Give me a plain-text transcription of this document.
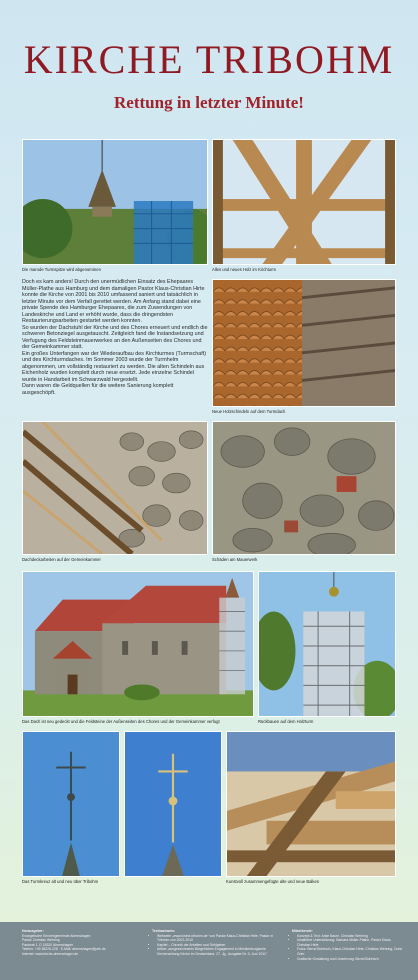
KIRCHE TRIBOHM
Rettung in letzter Minute!
Die marode Turmspitze wird abgenommen	Alles und neues Holz im Kirchturm

Doch es kam anders! Durch den unermüdlichen Einsatz des Ehepaares Müller-Plathe aus Hamburg und dem damaligen Pastor Klaus-Christian Hirte konnte die Kirche von 2001 bis 2010 umfassend saniert und tatsächlich in letzter Minute vor dem Verfall gerettet werden. Am Anfang stand dabei eine private Spende des Hamburger Ehepaares, die zum Zuwendungen von Landeskirche und Land er erhöht wurde, dass die dringendsten Restaurierungsarbeiten gestartet werden konnten.

So wurden der Dachstuhl der Kirche und des Chores erneuert und endlich die schweren Betonziegel ausgetauscht. Zeitgleich fand die Instandsetzung und Verfugung des Feldsteinmauerwerkes an den Außenseiten des Chores und der Gemeinkammer statt.

Ein großes Unterfangen war der Wiederaufbau des Kirchturmes (Turmschaft) und des Kirchturmdaches. Im Sommer 2003 wurde der Turmhelm abgenommen, um vollständig restauriert zu werden. Die alten Schindeln aus Eichenholz wurden komplett durch neue ersetzt. Jede einzelne Schindel wurde in Handarbeit im Schwarzwald hergestellt.

Dann waren die Geldquellen für die weitere Sanierung komplett ausgeschöpft.

Neue Holzschindeln auf dem Turmdach
Dachdeckarbeiten auf der Gemeinkammer	Schäden am Mauerwerk
Das Dach ist neu gedeckt und die Feldsteine der Außenseiten des Chores und der Gemeinkammer verfugt	Rückbauen auf dem Holzturm
Das Turmkreuz alt und neu über Tribohm	Kunstvoll zusammengefügte alte und neue Balken
Herausgeber:
Evangelische Kirchengemeinde Ahrenshagen
Pastor Christian Wehring
Pastorat 1, D 18320 Ahrenshagen
Telefon: +49 38225-228 · E-Mail: ahrenshagen@pek.de
Internet: www.kirche-ahrenshagen.de
Textnachweis:
• Webseite „www.kirche-tribohm.de“ von Pastor Klaus-Christian Hirte, Pastor in Tribohm von 2002-2010
• Kapitel – Chronik der Arbeiten und Geldgeber
• Artikel „ausgezeichnetes Bürgerliches Engagement in Mecklenburgische Kirchenzeitung Kirche im Deutschland, 27. Jg., Ausgabe Nr. 3, Juni 2011“
Mitwirkende:
• Konzept & Text: Anke Bauer, Christian Wehring
• Inhaltliche Unterstützung: Barbara Müller-Plathe, Pastor Klaus-Christian Hirte
• Fotos: Bernd Bohrisch, Klaus-Christian Hirte, Christian Wehring, Doris Grim
• Grafische Gestaltung und Umsetzung: Bernd Bohrisch
